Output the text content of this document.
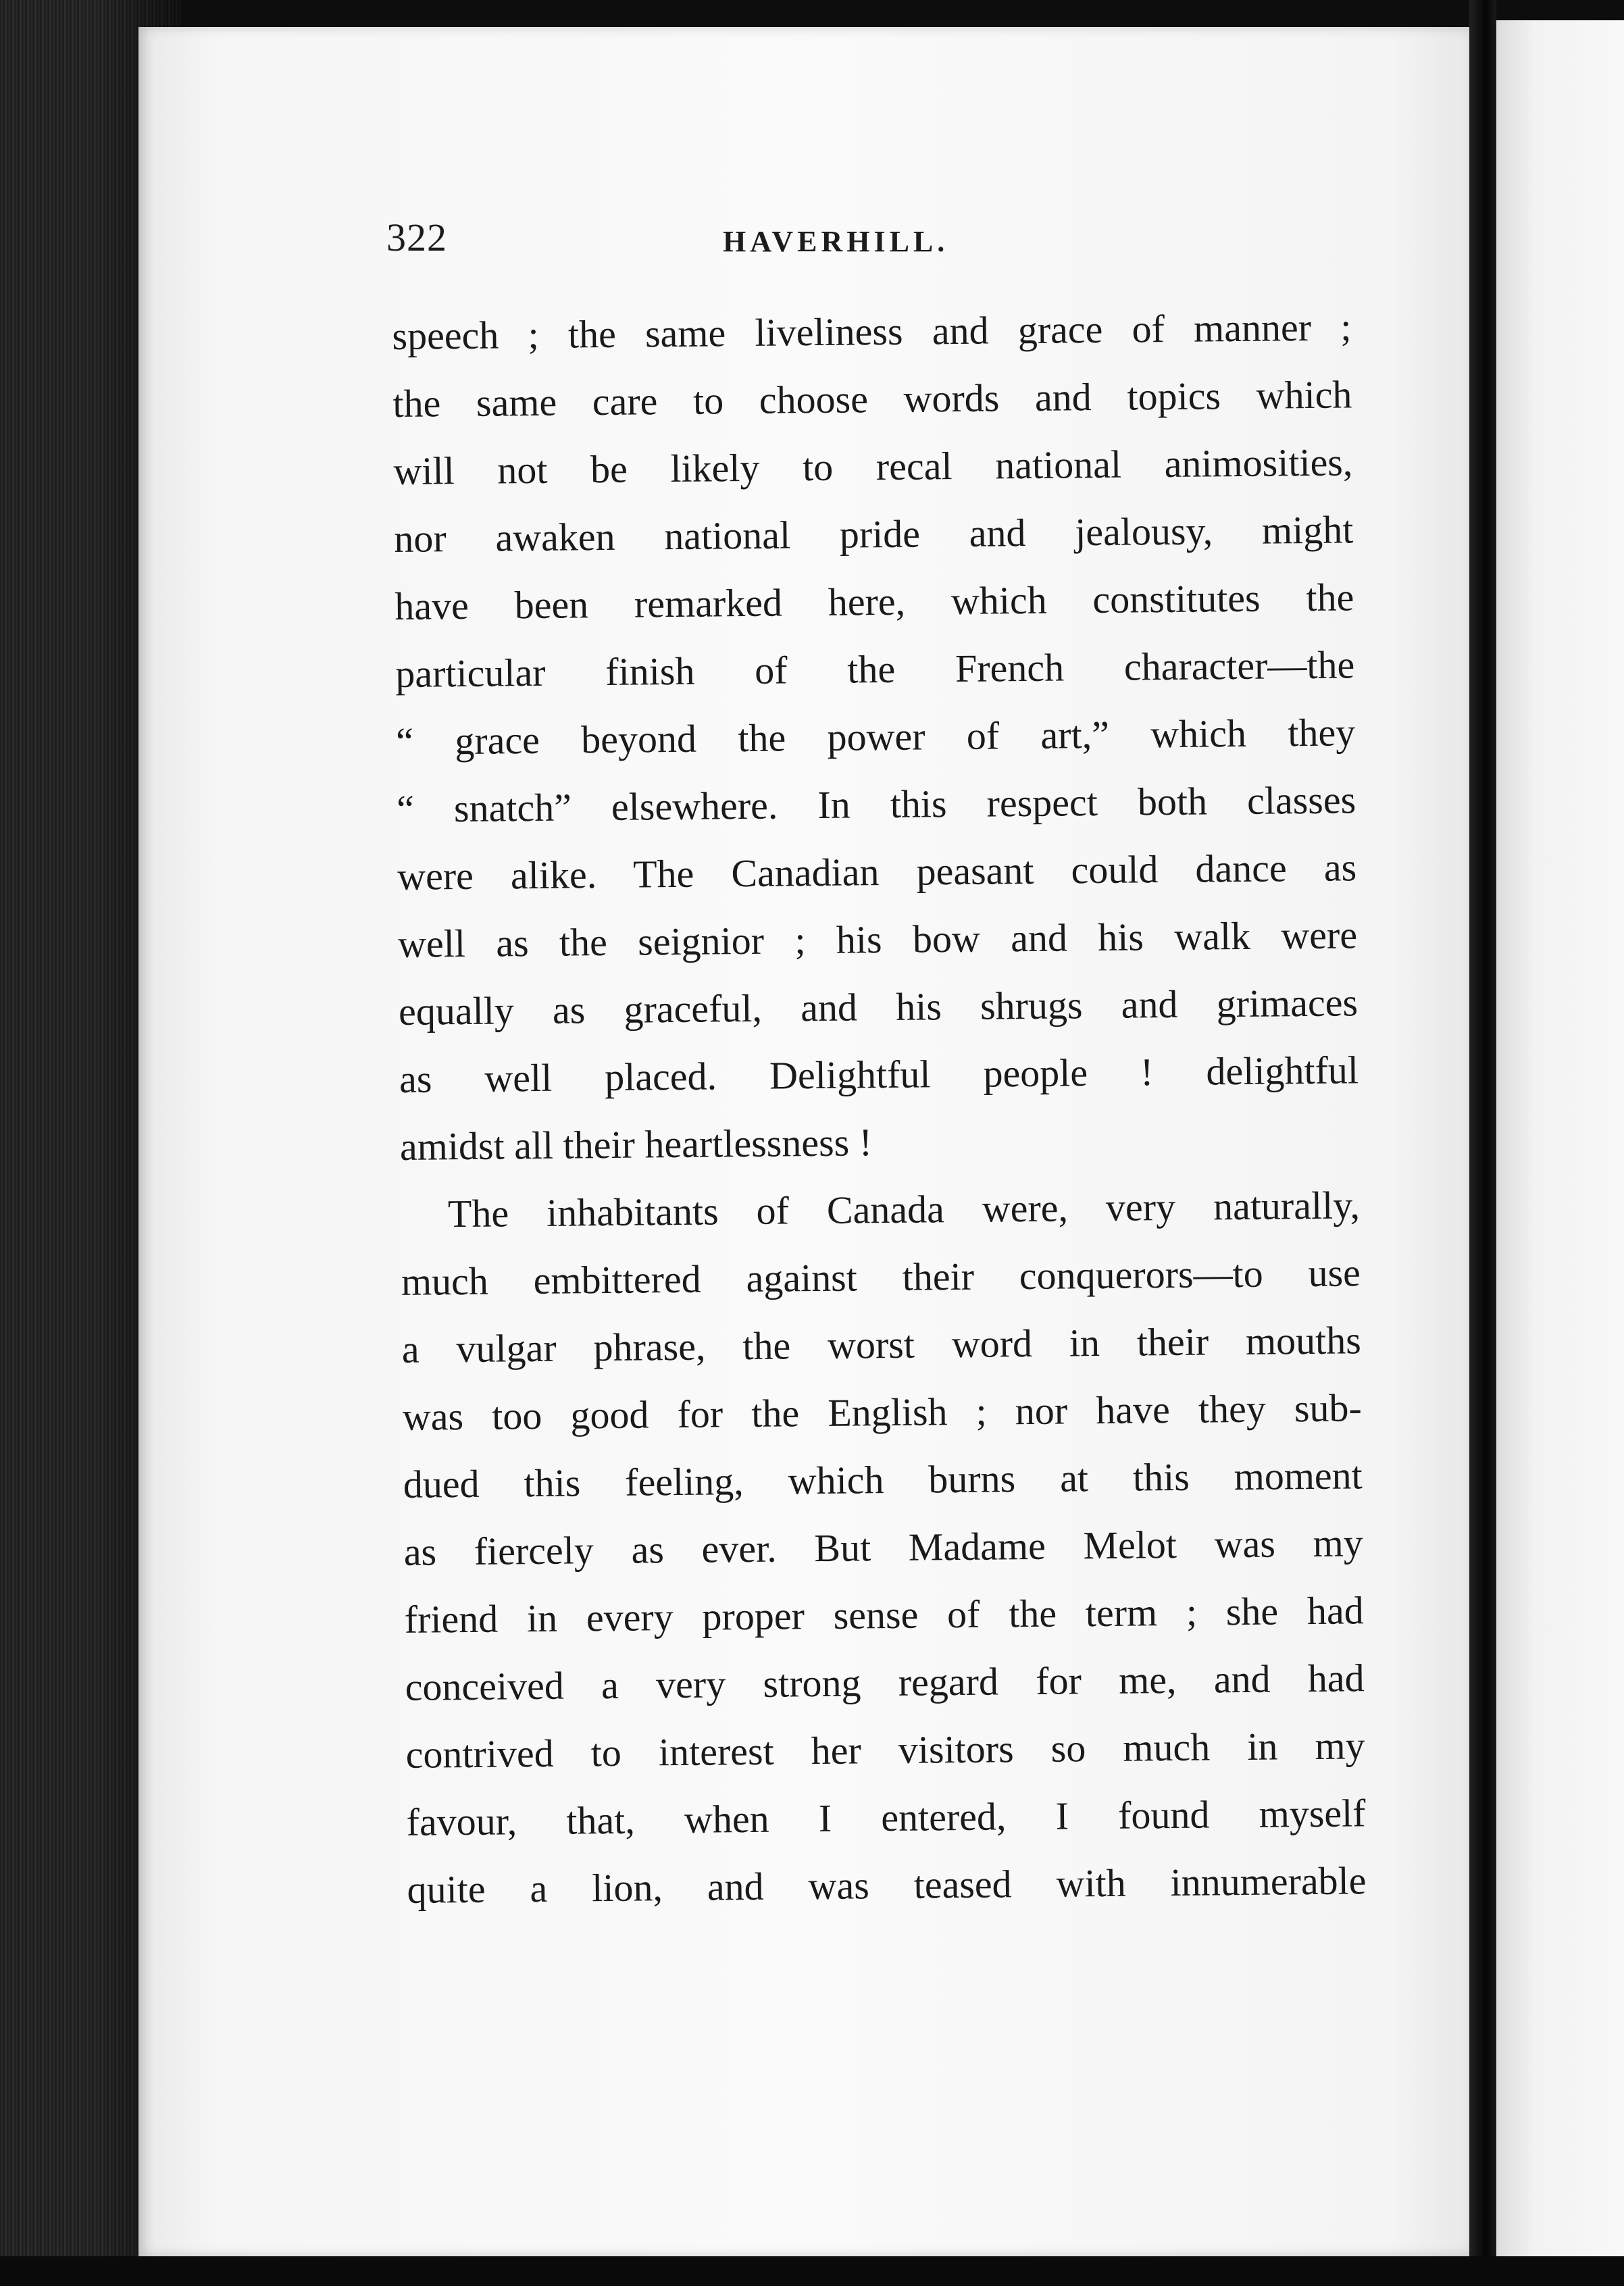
322	HAVERHILL.
speech ; the same liveliness and grace of manner ;
the same care to choose words and topics which
will not be likely to recal national animosities,
nor awaken national pride and jealousy, might
have been remarked here, which constitutes the
particular finish of the French character—the
“ grace beyond the power of art,” which they
“ snatch” elsewhere. In this respect both classes
were alike. The Canadian peasant could dance as
well as the seignior ; his bow and his walk were
equally as graceful, and his shrugs and grimaces
as well placed. Delightful people ! delightful
amidst all their heartlessness !
The inhabitants of Canada were, very naturally,
much embittered against their conquerors—to use
a vulgar phrase, the worst word in their mouths
was too good for the English ; nor have they sub-
dued this feeling, which burns at this moment
as fiercely as ever. But Madame Melot was my
friend in every proper sense of the term ; she had
conceived a very strong regard for me, and had
contrived to interest her visitors so much in my
favour, that, when I entered, I found myself
quite a lion, and was teased with innumerable
